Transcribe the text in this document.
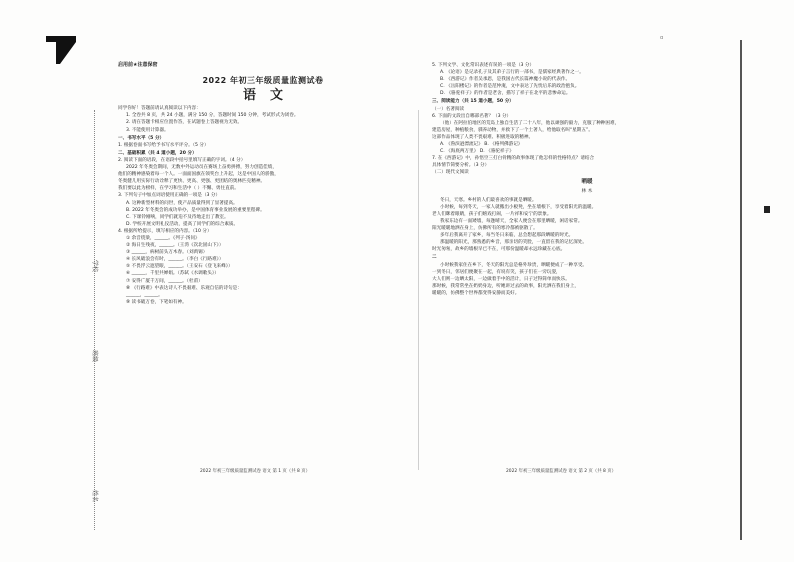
ɑ
学校
班级
姓名
启用前★注意保密
2022 年初三年级质量监测试卷
语文
同学你好！答题前请认真阅读以下内容：
1. 全卷共 8 页，共 24 小题，满分 150 分，答题时间 150 分钟，考试形式为闭卷。
2. 请在答题卡相应位置作答，在试题卷上答题视为无效。
3. 不能使用计算器。
一、书写水平（5 分）
1. 根据卷面书写给予书写水平评分。（5 分）
二、基础积累（共 4 道小题，20 分）
2. 阅读下面的语段，在语段中括号里填写正确的字词。（4 分）
2022 年冬奥会期间，无数中外运动员在赛场上奋勇拼搏，努力创造佳绩，
他们的精神感染着每一个人。一面面国旗在领奖台上升起，这是中国人的骄傲，
冬奥健儿用实际行动诠释了更快、更高、更强、更团结的奥林匹克精神。
我们要以此为榜样，在学习和生活中（ ）不懈、勇往直前。
3. 下列句子中加点词语使用正确的一项是（3 分）
A. 这种新型材料的问世，使产品质量得到了显著提高。
B. 2022 年冬奥会的成功举办，是中国体育事业发展的重要里程碑。
C. 下课铃刚响，同学们就迫不及待地走出了教室。
D. 学校开展文明礼仪活动，提高了同学们的综合素质。
4. 根据所给提示，填写相应的内容。（10 分）
① 余音绕梁，______。《列子·汤问》
② 海日生残夜，______。（王湾《次北固山下》）
③ ______，病树前头万木春。（刘禹锡）
④ 长风破浪会有时，______。（李白《行路难》）
⑤ 不畏浮云遮望眼，______。（王安石《登飞来峰》）
⑥ ______，千里共婵娟。（苏轼《水调歌头》）
⑦ 安得广厦千万间，______。（杜甫）
⑧ 《行路难》中表达诗人不畏艰难、乐观自信的诗句是：
______，______。
⑨ 读书破万卷，下笔如有神。
5. 下列文学、文化常识表述有误的一项是（3 分）
A. 《论语》是记录孔子及其弟子言行的一部书，是儒家经典著作之一。
B. 《西游记》作者吴承恩，是我国古代长篇神魔小说的代表作。
C. 《岳阳楼记》的作者是范仲淹，文中表达了先忧后乐的政治抱负。
D. 《骆驼祥子》的作者是老舍，描写了祥子在北平的悲惨命运。
三、阅读能力（共 15 道小题，50 分）
（一）名著阅读
6. 下面的文段出自哪部名著？（3 分）
（他）在阿拉伯地区的荒岛上独自生活了二十八年，他以顽强的毅力，克服了种种困难，
建造房屋，种植粮食，驯养动物，并救下了一个土著人，给他取名叫“星期五”。
这部作品体现了人类不畏艰难、积极进取的精神。
A. 《鲁滨逊漂流记》 B. 《格列佛游记》
C. 《海底两万里》 D. 《骆驼祥子》
7. 在《西游记》中，孙悟空三打白骨精的故事体现了他怎样的性格特点？请结合
具体情节简要分析。（3 分）
（二）现代文阅读
晒暖
林 木
冬日，天寒。乡村的人们最喜欢的事就是晒暖。
小时候，每到冬天，一家人就搬出小板凳，坐在墙根下，享受着阳光的温暖。
老人们眯着眼睛，孩子们嬉戏打闹，一片祥和安宁的景象。
我家东边有一面矮墙，每逢晴天，全家人便会在那里晒暖，闲话家常。
阳光暖暖地洒在身上，仿佛所有的寒冷都被驱散了。
多年后我离开了家乡，每当冬日来临，总会想起那段晒暖的时光。
那温暖的阳光，那熟悉的乡音，那亲切的笑脸，一直留在我的记忆深处。
时光匆匆，故乡的墙根早已不在，可那份温暖却永远珍藏在心底。
二
小时候我家住在乡下，冬天的阳光总是格外珍贵，晒暖便成了一种享受。
一到冬日，邻居们便聚在一起，有说有笑，孩子们在一旁玩耍，
大人们则一边晒太阳，一边做着手中的活计，日子过得简单而快乐。
那时候，我常常坐在奶奶身边，听她讲过去的故事，阳光洒在我们身上，
暖暖的，仿佛整个世界都变得安静而美好。
2022 年初三年级质量监测试卷 语文 第 1 页（共 8 页）	2022 年初三年级质量监测试卷 语文 第 2 页（共 8 页）
